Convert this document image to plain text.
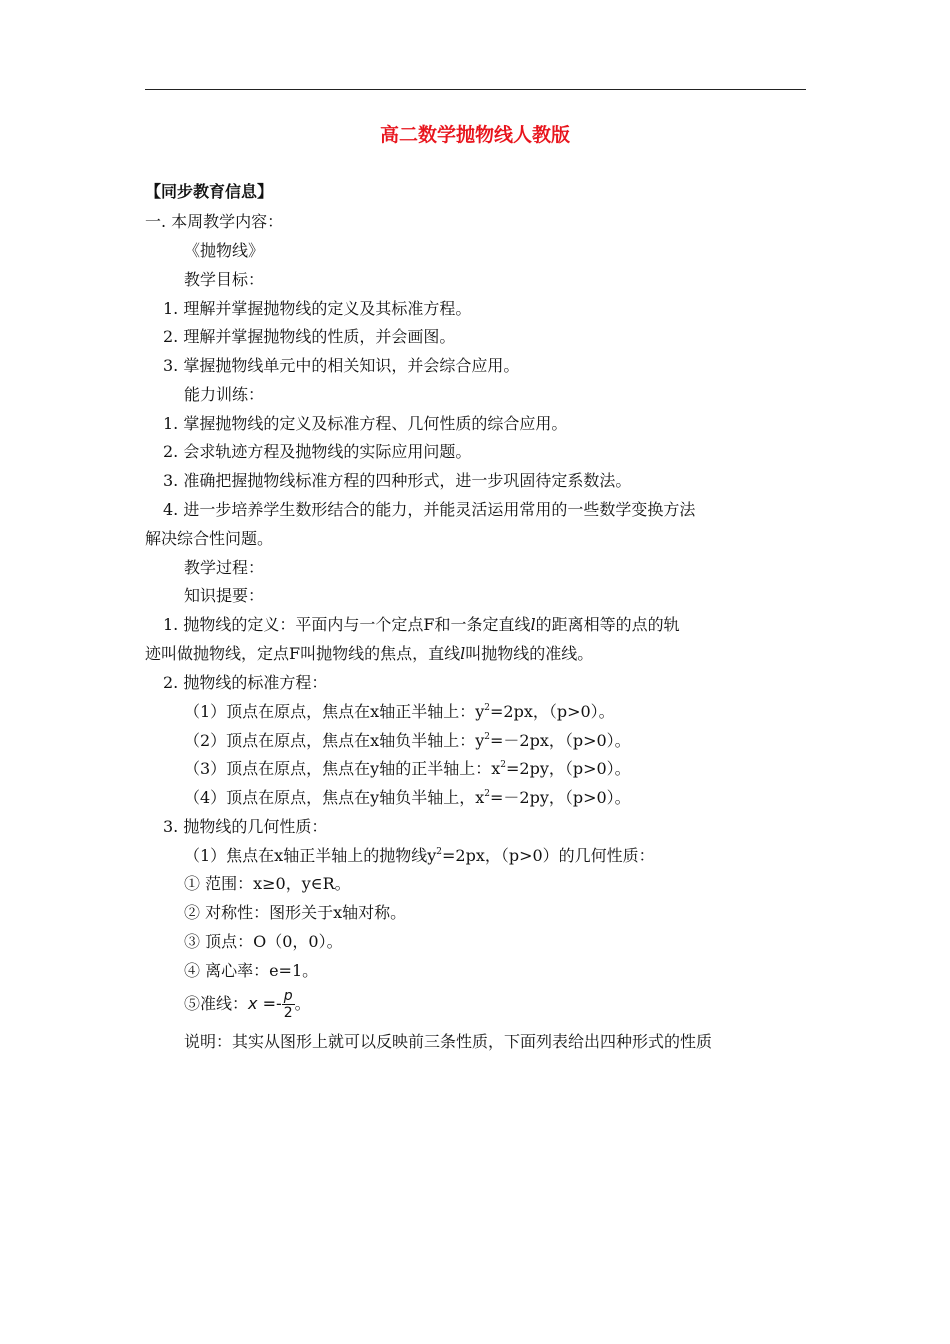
高二数学抛物线人教版
【同步教育信息】
一. 本周教学内容：
《抛物线》
教学目标：
1. 理解并掌握抛物线的定义及其标准方程。
2. 理解并掌握抛物线的性质，并会画图。
3. 掌握抛物线单元中的相关知识，并会综合应用。
能力训练：
1. 掌握抛物线的定义及标准方程、几何性质的综合应用。
2. 会求轨迹方程及抛物线的实际应用问题。
3. 准确把握抛物线标准方程的四种形式，进一步巩固待定系数法。
4. 进一步培养学生数形结合的能力，并能灵活运用常用的一些数学变换方法
解决综合性问题。
教学过程：
知识提要：
1. 抛物线的定义：平面内与一个定点F和一条定直线l的距离相等的点的轨
迹叫做抛物线，定点F叫抛物线的焦点，直线l叫抛物线的准线。
2. 抛物线的标准方程：
（1）顶点在原点，焦点在x轴正半轴上：$y^2=2px$，（p>0）。
（2）顶点在原点，焦点在x轴负半轴上：$y^2=-2px$，（p>0）。
（3）顶点在原点，焦点在y轴的正半轴上：$x^2=2py$，（p>0）。
（4）顶点在原点，焦点在y轴负半轴上，$x^2=-2py$，（p>0）。
3. 抛物线的几何性质：
（1）焦点在x轴正半轴上的抛物线$y^2=2px$，（p>0）的几何性质：
① 范围：x≥0，y∈R。
② 对称性：图形关于x轴对称。
③ 顶点：O（0，0）。
④ 离心率：e=1。
⑤准线：$x =- \frac{p}{2}$ 。
说明：其实从图形上就可以反映前三条性质，下面列表给出四种形式的性质
